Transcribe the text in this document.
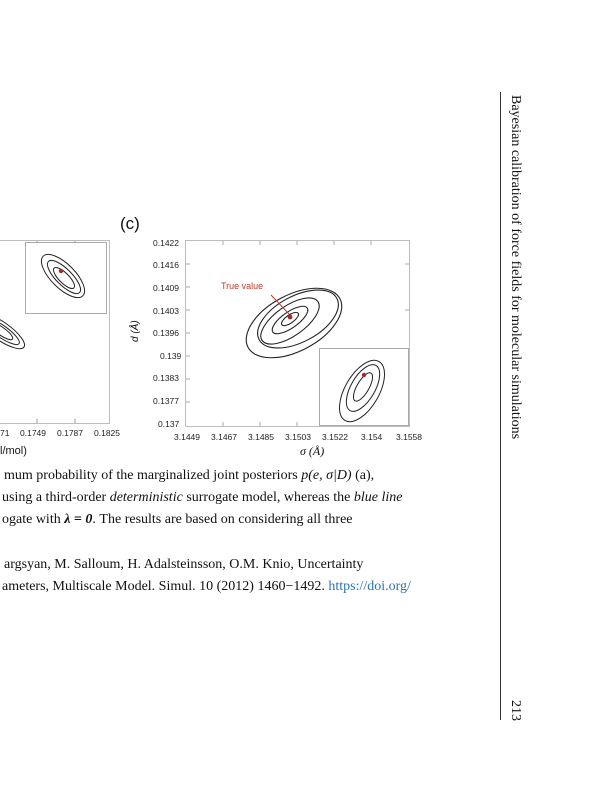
71 0.1749 0.1787 0.1825
l/mol)
(c)
d (Å)
0.1422
0.1416
0.1409
0.1403
0.1396
0.139
0.1383
0.1377
0.137
True value
3.1449 3.1467 3.1485 3.1503 3.1522 3.154 3.1558
σ (Å)
mum probability of the marginalized joint posteriors p(e, σ|D) (a),
using a third-order deterministic surrogate model, whereas the blue line
ogate with λ = 0. The results are based on considering all three
argsyan, M. Salloum, H. Adalsteinsson, O.M. Knio, Uncertainty
ameters, Multiscale Model. Simul. 10 (2012) 1460−1492. https://doi.org/
Bayesian calibration of force fields for molecular simulations
213
